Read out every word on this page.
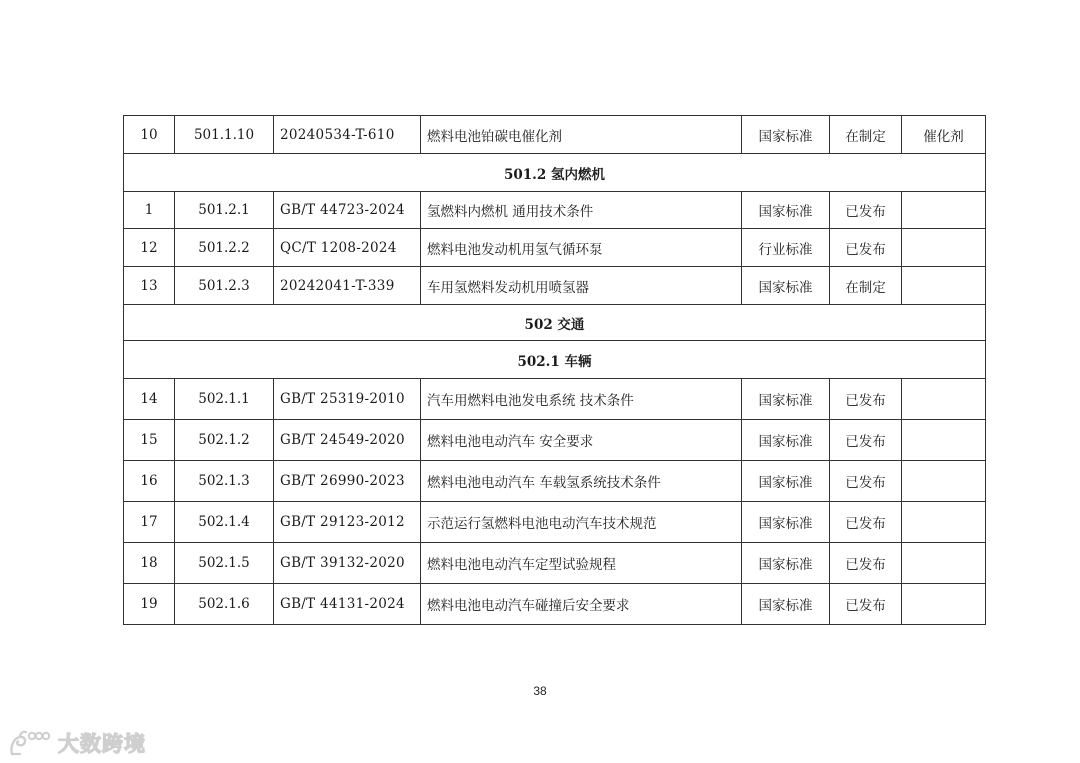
10	501.1.10	20240534-T-610	燃料电池铂碳电催化剂	国家标准	在制定	催化剂
501.2 氢内燃机						
1	501.2.1	GB/T 44723-2024	氢燃料内燃机 通用技术条件	国家标准	已发布	
12	501.2.2	QC/T 1208-2024	燃料电池发动机用氢气循环泵	行业标准	已发布	
13	501.2.3	20242041-T-339	车用氢燃料发动机用喷氢器	国家标准	在制定	
502 交通						
502.1 车辆						
14	502.1.1	GB/T 25319-2010	汽车用燃料电池发电系统 技术条件	国家标准	已发布	
15	502.1.2	GB/T 24549-2020	燃料电池电动汽车 安全要求	国家标准	已发布	
16	502.1.3	GB/T 26990-2023	燃料电池电动汽车 车载氢系统技术条件	国家标准	已发布	
17	502.1.4	GB/T 29123-2012	示范运行氢燃料电池电动汽车技术规范	国家标准	已发布	
18	502.1.5	GB/T 39132-2020	燃料电池电动汽车定型试验规程	国家标准	已发布	
19	502.1.6	GB/T 44131-2024	燃料电池电动汽车碰撞后安全要求	国家标准	已发布	
38
大数跨境
